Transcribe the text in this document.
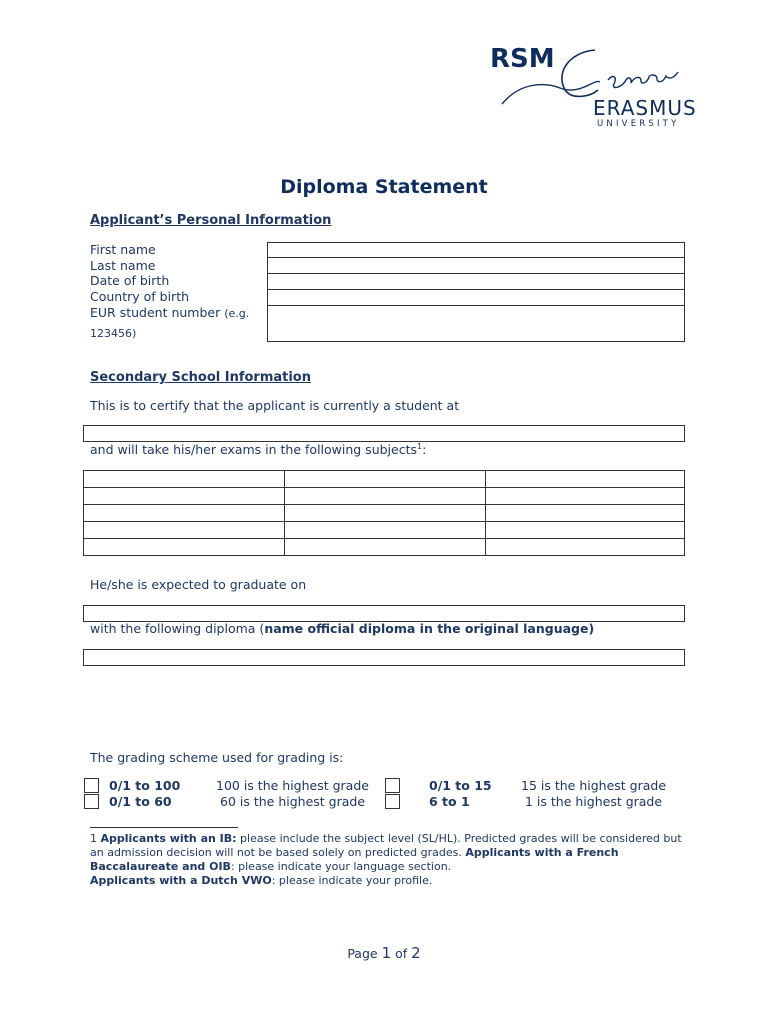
RSM
ERASMUS
UNIVERSITY
Diploma Statement
Applicant’s Personal Information
First name
Last name
Date of birth
Country of birth
EUR student number (e.g.
123456)
Secondary School Information
This is to certify that the applicant is currently a student at
and will take his/her exams in the following subjects$^1$:

He/she is expected to graduate on
with the following diploma (name official diploma in the original language)
The grading scheme used for grading is:
0/1 to 100	100 is the highest grade
0/1 to 60	60 is the highest grade
0/1 to 15 15 is the highest grade
6 to 1	1 is the highest grade
1 Applicants with an IB: please include the subject level (SL/HL). Predicted grades will be considered but an admission decision will not be based solely on predicted grades. Applicants with a French Baccalaureate and OIB: please indicate your language section.
Applicants with a Dutch VWO: please indicate your profile.
Page 1 of 2
